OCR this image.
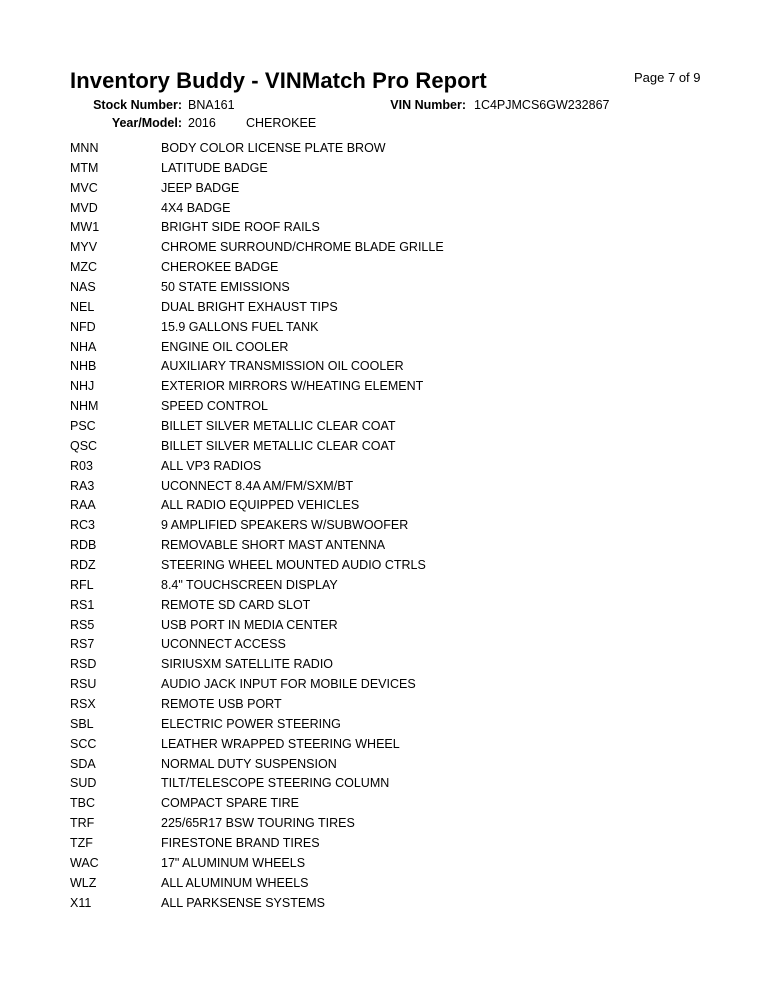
Inventory Buddy - VINMatch Pro Report	Page 7 of 9
Stock Number: BNA161	VIN Number: 1C4PJMCS6GW232867
Year/Model: 2016 CHEROKEE
MNN	BODY COLOR LICENSE PLATE BROW
MTM	LATITUDE BADGE
MVC	JEEP BADGE
MVD	4X4 BADGE
MW1	BRIGHT SIDE ROOF RAILS
MYV	CHROME SURROUND/CHROME BLADE GRILLE
MZC	CHEROKEE BADGE
NAS	50 STATE EMISSIONS
NEL	DUAL BRIGHT EXHAUST TIPS
NFD	15.9 GALLONS FUEL TANK
NHA	ENGINE OIL COOLER
NHB	AUXILIARY TRANSMISSION OIL COOLER
NHJ	EXTERIOR MIRRORS W/HEATING ELEMENT
NHM	SPEED CONTROL
PSC	BILLET SILVER METALLIC CLEAR COAT
QSC	BILLET SILVER METALLIC CLEAR COAT
R03	ALL VP3 RADIOS
RA3	UCONNECT 8.4A AM/FM/SXM/BT
RAA	ALL RADIO EQUIPPED VEHICLES
RC3	9 AMPLIFIED SPEAKERS W/SUBWOOFER
RDB	REMOVABLE SHORT MAST ANTENNA
RDZ	STEERING WHEEL MOUNTED AUDIO CTRLS
RFL	8.4" TOUCHSCREEN DISPLAY
RS1	REMOTE SD CARD SLOT
RS5	USB PORT IN MEDIA CENTER
RS7	UCONNECT ACCESS
RSD	SIRIUSXM SATELLITE RADIO
RSU	AUDIO JACK INPUT FOR MOBILE DEVICES
RSX	REMOTE USB PORT
SBL	ELECTRIC POWER STEERING
SCC	LEATHER WRAPPED STEERING WHEEL
SDA	NORMAL DUTY SUSPENSION
SUD	TILT/TELESCOPE STEERING COLUMN
TBC	COMPACT SPARE TIRE
TRF	225/65R17 BSW TOURING TIRES
TZF	FIRESTONE BRAND TIRES
WAC	17" ALUMINUM WHEELS
WLZ	ALL ALUMINUM WHEELS
X11	ALL PARKSENSE SYSTEMS
